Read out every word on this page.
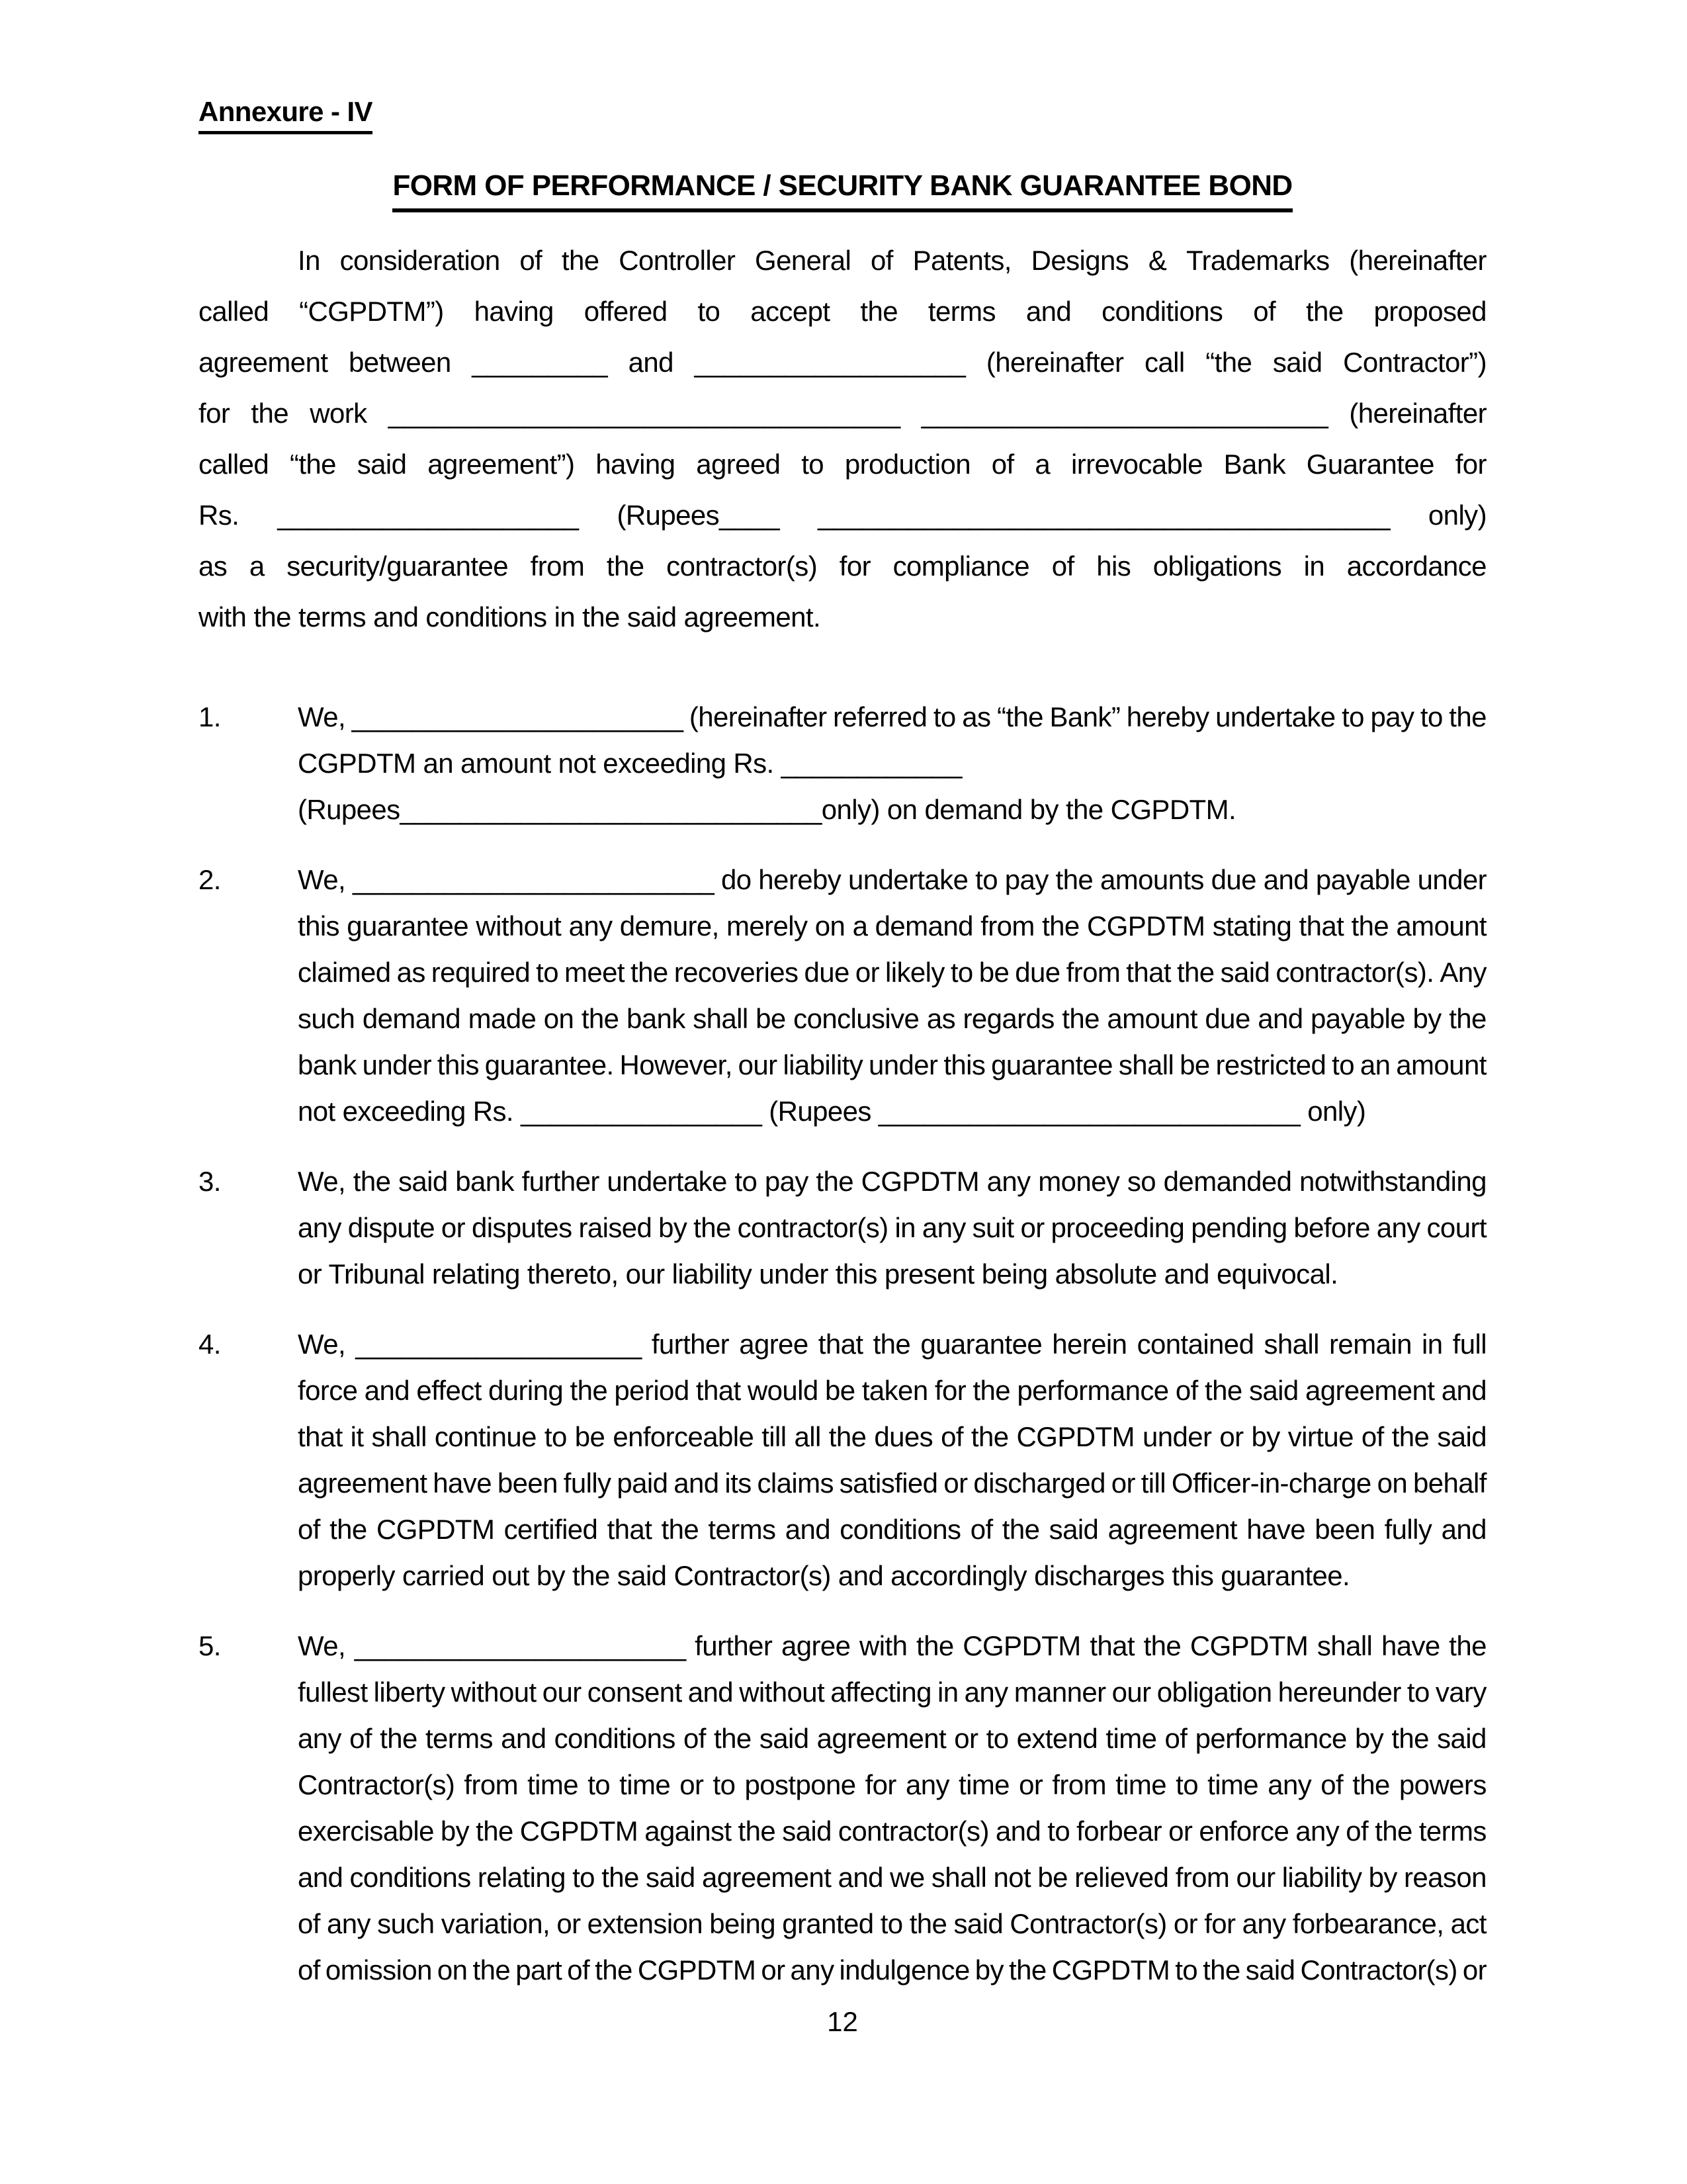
Annexure - IV
FORM OF PERFORMANCE / SECURITY BANK GUARANTEE BOND
In consideration of the Controller General of Patents, Designs & Trademarks (hereinafter
called “CGPDTM”) having offered to accept the terms and conditions of the proposed
agreement between _________ and __________________ (hereinafter call “the said Contractor”)
for the work __________________________________ ___________________________ (hereinafter
called “the said agreement”) having agreed to production of a irrevocable Bank Guarantee for
Rs. ____________________ (Rupees____ ______________________________________ only)
as a security/guarantee from the contractor(s) for compliance of his obligations in accordance
with the terms and conditions in the said agreement.
1.	We, ______________________ (hereinafter referred to as “the Bank” hereby undertake to pay to the
CGPDTM an amount not exceeding Rs. ____________
(Rupees____________________________only) on demand by the CGPDTM.
2.	We, ________________________ do hereby undertake to pay the amounts due and payable under
this guarantee without any demure, merely on a demand from the CGPDTM stating that the amount
claimed as required to meet the recoveries due or likely to be due from that the said contractor(s). Any
such demand made on the bank shall be conclusive as regards the amount due and payable by the
bank under this guarantee. However, our liability under this guarantee shall be restricted to an amount
not exceeding Rs. ________________ (Rupees ____________________________ only)
3.	We, the said bank further undertake to pay the CGPDTM any money so demanded notwithstanding
any dispute or disputes raised by the contractor(s) in any suit or proceeding pending before any court
or Tribunal relating thereto, our liability under this present being absolute and equivocal.
4.	We, ___________________ further agree that the guarantee herein contained shall remain in full
force and effect during the period that would be taken for the performance of the said agreement and
that it shall continue to be enforceable till all the dues of the CGPDTM under or by virtue of the said
agreement have been fully paid and its claims satisfied or discharged or till Officer-in-charge on behalf
of the CGPDTM certified that the terms and conditions of the said agreement have been fully and
properly carried out by the said Contractor(s) and accordingly discharges this guarantee.
5.	We, ______________________ further agree with the CGPDTM that the CGPDTM shall have the
fullest liberty without our consent and without affecting in any manner our obligation hereunder to vary
any of the terms and conditions of the said agreement or to extend time of performance by the said
Contractor(s) from time to time or to postpone for any time or from time to time any of the powers
exercisable by the CGPDTM against the said contractor(s) and to forbear or enforce any of the terms
and conditions relating to the said agreement and we shall not be relieved from our liability by reason
of any such variation, or extension being granted to the said Contractor(s) or for any forbearance, act
of omission on the part of the CGPDTM or any indulgence by the CGPDTM to the said Contractor(s) or
12
